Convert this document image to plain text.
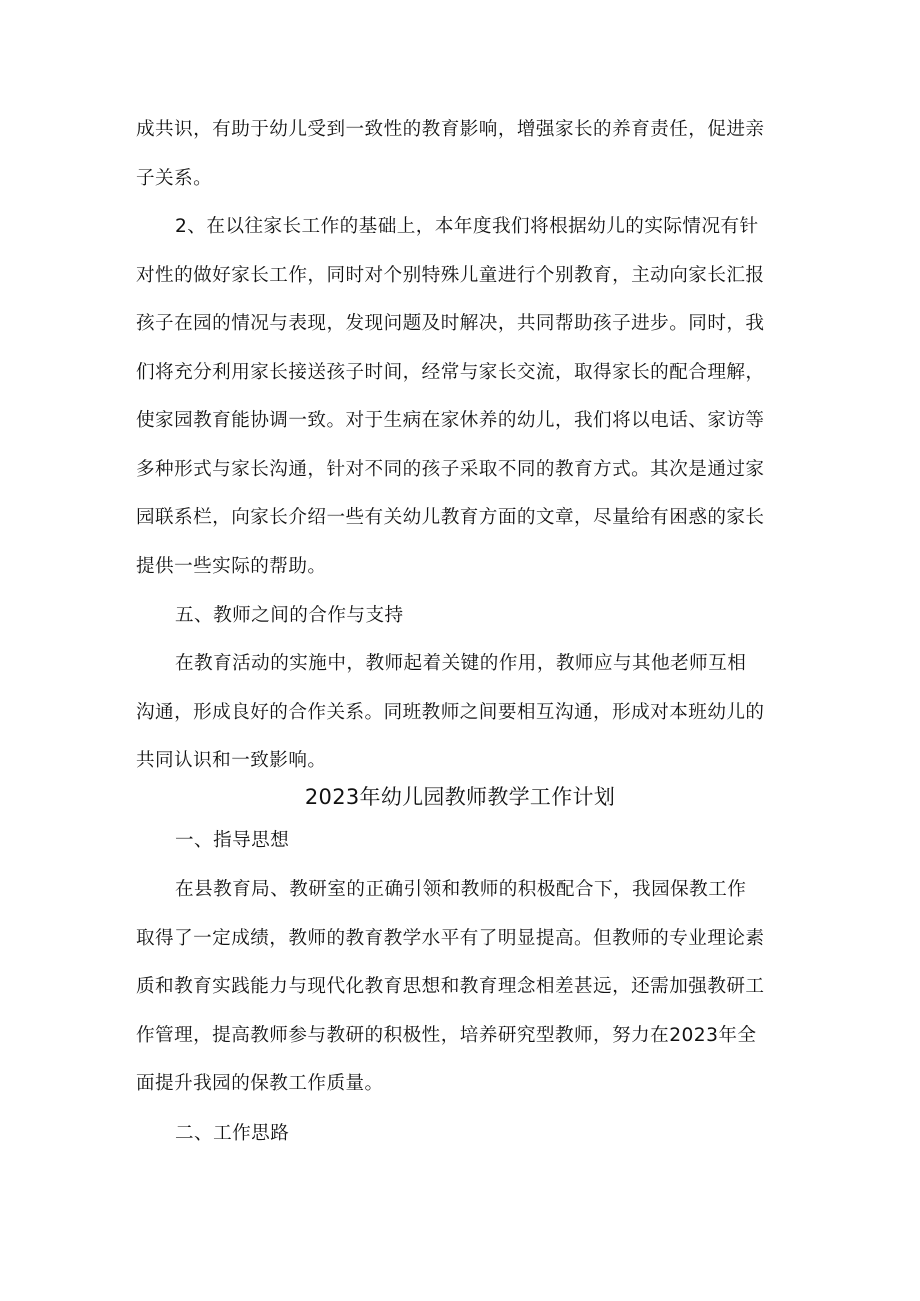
成共识，有助于幼儿受到一致性的教育影响，增强家长的养育责任，促进亲
子关系。
2、在以往家长工作的基础上，本年度我们将根据幼儿的实际情况有针
对性的做好家长工作，同时对个别特殊儿童进行个别教育，主动向家长汇报
孩子在园的情况与表现，发现问题及时解决，共同帮助孩子进步。同时，我
们将充分利用家长接送孩子时间，经常与家长交流，取得家长的配合理解，
使家园教育能协调一致。对于生病在家休养的幼儿，我们将以电话、家访等
多种形式与家长沟通，针对不同的孩子采取不同的教育方式。其次是通过家
园联系栏，向家长介绍一些有关幼儿教育方面的文章，尽量给有困惑的家长
提供一些实际的帮助。
五、教师之间的合作与支持
在教育活动的实施中，教师起着关键的作用，教师应与其他老师互相
沟通，形成良好的合作关系。同班教师之间要相互沟通，形成对本班幼儿的
共同认识和一致影响。
2023年幼儿园教师教学工作计划
一、指导思想
在县教育局、教研室的正确引领和教师的积极配合下，我园保教工作
取得了一定成绩，教师的教育教学水平有了明显提高。但教师的专业理论素
质和教育实践能力与现代化教育思想和教育理念相差甚远，还需加强教研工
作管理，提高教师参与教研的积极性，培养研究型教师，努力在2023年全
面提升我园的保教工作质量。
二、工作思路
